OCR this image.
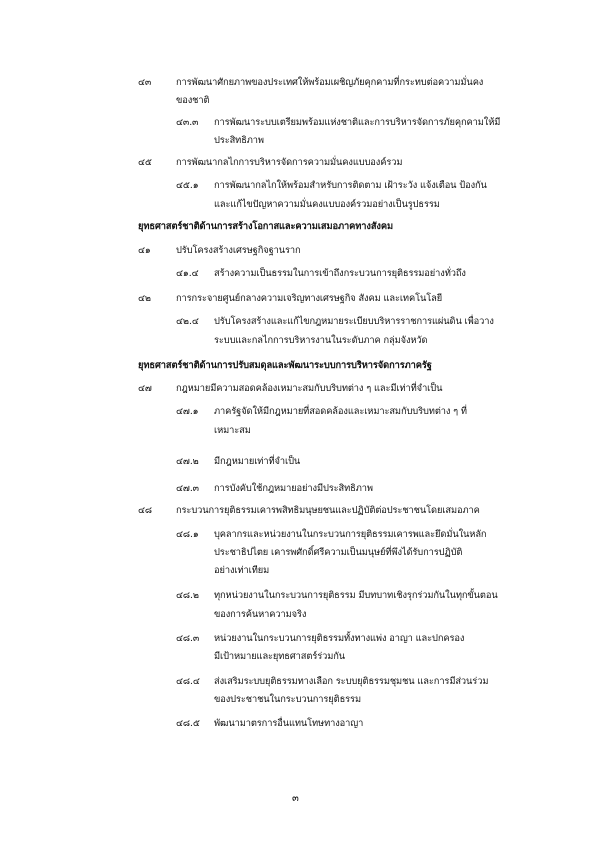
๔๓	การพัฒนาศักยภาพของประเทศให้พร้อมเผชิญภัยคุกคามที่กระทบต่อความมั่นคง
ของชาติ
๔๓.๓ การพัฒนาระบบเตรียมพร้อมแห่งชาติและการบริหารจัดการภัยคุกคามให้มี
ประสิทธิภาพ
๔๕	การพัฒนากลไกการบริหารจัดการความมั่นคงแบบองค์รวม
๔๕.๑ การพัฒนากลไกให้พร้อมสำหรับการติดตาม เฝ้าระวัง แจ้งเตือน ป้องกัน
และแก้ไขปัญหาความมั่นคงแบบองค์รวมอย่างเป็นรูปธรรม
ยุทธศาสตร์ชาติด้านการสร้างโอกาสและความเสมอภาคทางสังคม
๔๑	ปรับโครงสร้างเศรษฐกิจฐานราก
๔๑.๔ สร้างความเป็นธรรมในการเข้าถึงกระบวนการยุติธรรมอย่างทั่วถึง
๔๒	การกระจายศูนย์กลางความเจริญทางเศรษฐกิจ สังคม และเทคโนโลยี
๔๒.๔ ปรับโครงสร้างและแก้ไขกฎหมายระเบียบบริหารราชการแผ่นดิน เพื่อวาง
ระบบและกลไกการบริหารงานในระดับภาค กลุ่มจังหวัด
ยุทธศาสตร์ชาติด้านการปรับสมดุลและพัฒนาระบบการบริหารจัดการภาครัฐ
๔๗	กฎหมายมีความสอดคล้องเหมาะสมกับบริบทต่าง ๆ และมีเท่าที่จำเป็น
๔๗.๑ ภาครัฐจัดให้มีกฎหมายที่สอดคล้องและเหมาะสมกับบริบทต่าง ๆ ที่
เหมาะสม
๔๗.๒ มีกฎหมายเท่าที่จำเป็น
๔๗.๓ การบังคับใช้กฎหมายอย่างมีประสิทธิภาพ
๔๘	กระบวนการยุติธรรมเคารพสิทธิมนุษยชนและปฏิบัติต่อประชาชนโดยเสมอภาค
๔๘.๑ บุคลากรและหน่วยงานในกระบวนการยุติธรรมเคารพและยึดมั่นในหลัก
ประชาธิปไตย เคารพศักดิ์ศรีความเป็นมนุษย์ที่พึงได้รับการปฏิบัติ
อย่างเท่าเทียม
๔๘.๒ ทุกหน่วยงานในกระบวนการยุติธรรม มีบทบาทเชิงรุกร่วมกันในทุกขั้นตอน
ของการค้นหาความจริง
๔๘.๓ หน่วยงานในกระบวนการยุติธรรมทั้งทางแพ่ง อาญา และปกครอง
มีเป้าหมายและยุทธศาสตร์ร่วมกัน
๔๘.๔ ส่งเสริมระบบยุติธรรมทางเลือก ระบบยุติธรรมชุมชน และการมีส่วนร่วม
ของประชาชนในกระบวนการยุติธรรม
๔๘.๕ พัฒนามาตรการอื่นแทนโทษทางอาญา
๓
